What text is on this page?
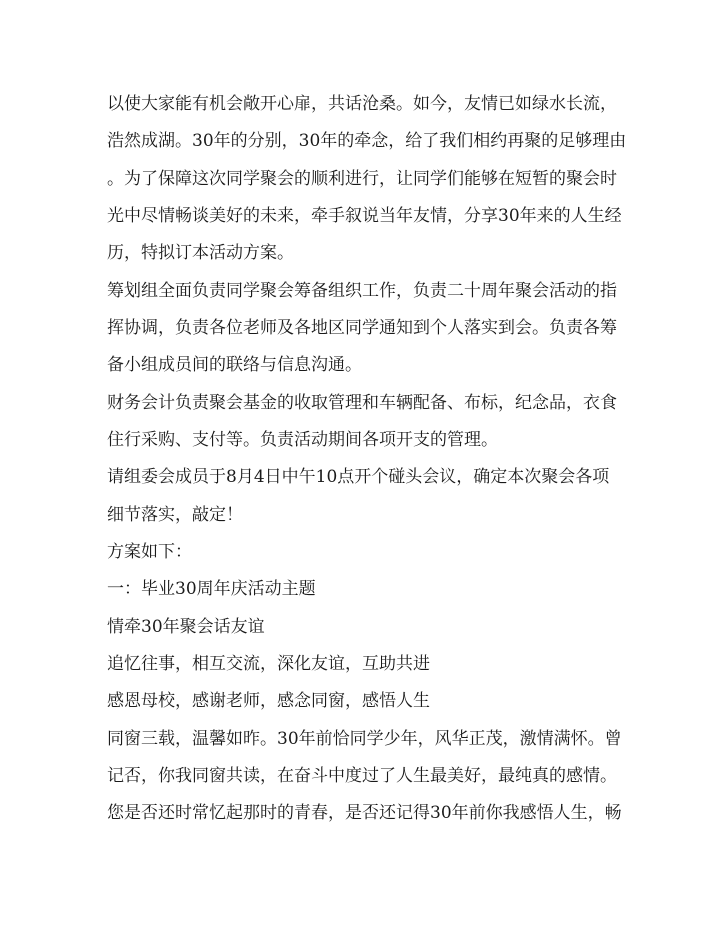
以使大家能有机会敞开心扉，共话沧桑。如今，友情已如绿水长流，
浩然成湖。30年的分别，30年的牵念，给了我们相约再聚的足够理由
。为了保障这次同学聚会的顺利进行，让同学们能够在短暂的聚会时
光中尽情畅谈美好的未来，牵手叙说当年友情，分享30年来的人生经
历，特拟订本活动方案。
筹划组全面负责同学聚会筹备组织工作，负责二十周年聚会活动的指
挥协调，负责各位老师及各地区同学通知到个人落实到会。负责各筹
备小组成员间的联络与信息沟通。
财务会计负责聚会基金的收取管理和车辆配备、布标，纪念品，衣食
住行采购、支付等。负责活动期间各项开支的管理。
请组委会成员于8月4日中午10点开个碰头会议，确定本次聚会各项
细节落实，敲定！
方案如下：
一：毕业30周年庆活动主题
情牵30年聚会话友谊
追忆往事，相互交流，深化友谊，互助共进
感恩母校，感谢老师，感念同窗，感悟人生
同窗三载，温馨如昨。30年前恰同学少年，风华正茂，激情满怀。曾
记否，你我同窗共读，在奋斗中度过了人生最美好，最纯真的感情。
您是否还时常忆起那时的青春，是否还记得30年前你我感悟人生，畅
